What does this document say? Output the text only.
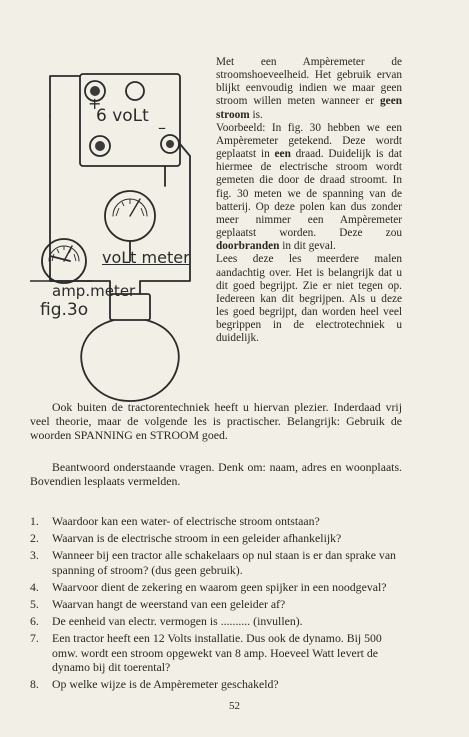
+
6 voLt
–
voLt meter
amp.meter
fig.3o

Met een Ampèremeter de stroomshoeveelheid. Het gebruik ervan blijkt eenvoudig indien we maar geen stroom willen meten wanneer er geen stroom is.

Voorbeeld: In fig. 30 hebben we een Ampèremeter getekend. Deze wordt geplaatst in een draad. Duidelijk is dat hiermee de electrische stroom wordt gemeten die door de draad stroomt. In fig. 30 meten we de spanning van de batterij. Op deze polen kan dus zonder meer nimmer een Ampèremeter geplaatst worden. Deze zou doorbranden in dit geval.

Lees deze les meerdere malen aandachtig over. Het is belangrijk dat u dit goed begrijpt. Zie er niet tegen op. Iedereen kan dit begrijpen. Als u deze les goed begrijpt, dan worden heel veel begrippen in de electrotechniek u duidelijk.

Ook buiten de tractorentechniek heeft u hiervan plezier. Inderdaad vrij veel theorie, maar de volgende les is practischer. Belangrijk: Gebruik de woorden SPANNING en STROOM goed.

Beantwoord onderstaande vragen. Denk om: naam, adres en woonplaats. Bovendien lesplaats vermelden.

1. Waardoor kan een water- of electrische stroom ontstaan?
2. Waarvan is de electrische stroom in een geleider afhankelijk?
3. Wanneer bij een tractor alle schakelaars op nul staan is er dan sprake van spanning of stroom? (dus geen gebruik).
4. Waarvoor dient de zekering en waarom geen spijker in een noodgeval?
5. Waarvan hangt de weerstand van een geleider af?
6. De eenheid van electr. vermogen is .......... (invullen).
7. Een tractor heeft een 12 Volts installatie. Dus ook de dynamo. Bij 500 omw. wordt een stroom opgewekt van 8 amp. Hoeveel Watt levert de dynamo bij dit toerental?
8. Op welke wijze is de Ampèremeter geschakeld?
52
